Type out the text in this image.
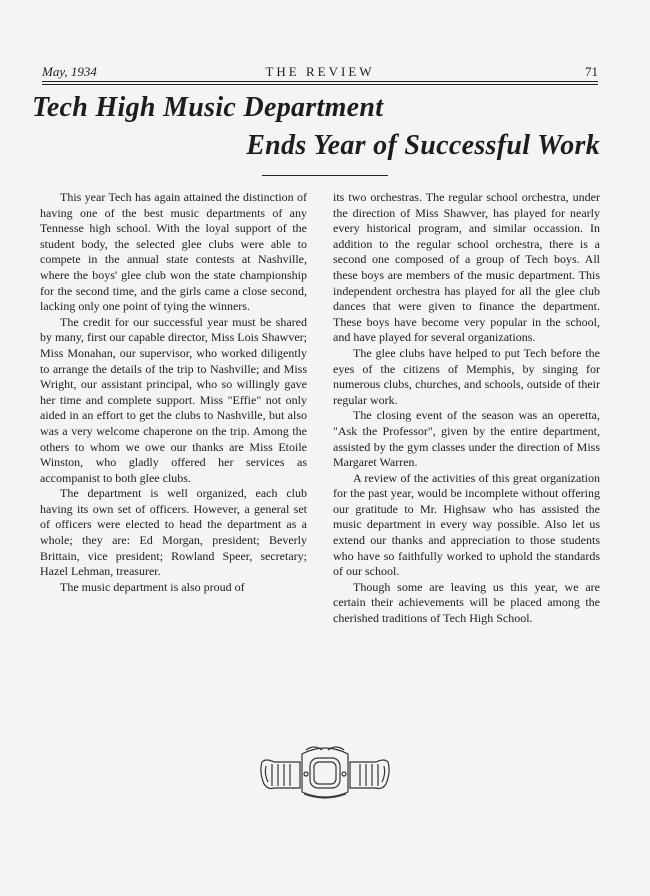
May, 1934	THE REVIEW	71
Tech High Music Department
Ends Year of Successful Work

This year Tech has again attained the distinction of having one of the best music departments of any Tennesse high school. With the loyal support of the student body, the selected glee clubs were able to compete in the annual state contests at Nashville, where the boys' glee club won the state championship for the second time, and the girls came a close second, lacking only one point of tying the winners.

The credit for our successful year must be shared by many, first our capable director, Miss Lois Shawver; Miss Monahan, our supervisor, who worked diligently to arrange the details of the trip to Nashville; and Miss Wright, our assistant principal, who so willingly gave her time and complete support. Miss "Effie" not only aided in an effort to get the clubs to Nashville, but also was a very welcome chaperone on the trip. Among the others to whom we owe our thanks are Miss Etoile Winston, who gladly offered her services as accompanist to both glee clubs.

The department is well organized, each club having its own set of officers. However, a general set of officers were elected to head the department as a whole; they are: Ed Morgan, president; Beverly Brittain, vice president; Rowland Speer, secretary; Hazel Lehman, treasurer.

The music department is also proud of

its two orchestras. The regular school orchestra, under the direction of Miss Shawver, has played for nearly every historical program, and similar occassion. In addition to the regular school orchestra, there is a second one composed of a group of Tech boys. All these boys are members of the music department. This independent orchestra has played for all the glee club dances that were given to finance the department. These boys have become very popular in the school, and have played for several organizations.

The glee clubs have helped to put Tech before the eyes of the citizens of Memphis, by singing for numerous clubs, churches, and schools, outside of their regular work.

The closing event of the season was an operetta, "Ask the Professor", given by the entire department, assisted by the gym classes under the direction of Miss Margaret Warren.

A review of the activities of this great organization for the past year, would be incomplete without offering our gratitude to Mr. Highsaw who has assisted the music department in every way possible. Also let us extend our thanks and appreciation to those students who have so faithfully worked to uphold the standards of our school.

Though some are leaving us this year, we are certain their achievements will be placed among the cherished traditions of Tech High School.
